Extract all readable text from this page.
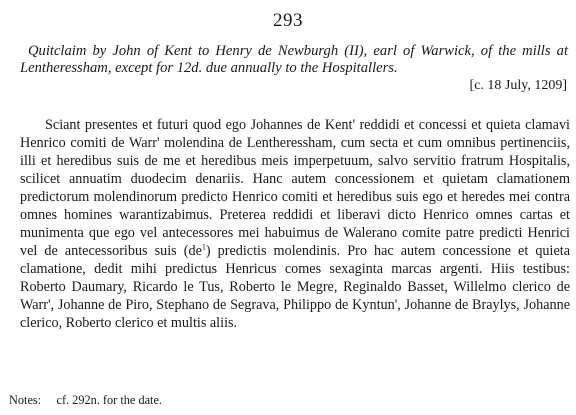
293
Quitclaim by John of Kent to Henry de Newburgh (II), earl of Warwick, of the mills at Lentheressham, except for 12d. due annually to the Hospitallers.
[c. 18 July, 1209]
Sciant presentes et futuri quod ego Johannes de Kent' reddidi et concessi et quieta clamavi Henrico comiti de Warr' molendina de Lentheressham, cum secta et cum omnibus pertinenciis, illi et heredibus suis de me et heredibus meis imperpetuum, salvo servitio fratrum Hospitalis, scilicet annuatim duodecim denariis. Hanc autem concessionem et quietam clamationem predictorum molendinorum predicto Henrico comiti et heredibus suis ego et heredes mei contra omnes homines warantizabimus. Preterea reddidi et liberavi dicto Henrico omnes cartas et munimenta que ego vel antecessores mei habuimus de Walerano comite patre predicti Henrici vel de antecessoribus suis $(de^1)$ predictis molendinis. Pro hac autem concessione et quieta clamatione, dedit mihi predictus Henricus comes sexaginta marcas argenti. Hiis testibus: Roberto Daumary, Ricardo le Tus, Roberto le Megre, Reginaldo Basset, Willelmo clerico de Warr', Johanne de Piro, Stephano de Segrava, Philippo de Kyntun', Johanne de Braylys, Johanne clerico, Roberto clerico et multis aliis.
Notes: cf. 292n. for the date.
